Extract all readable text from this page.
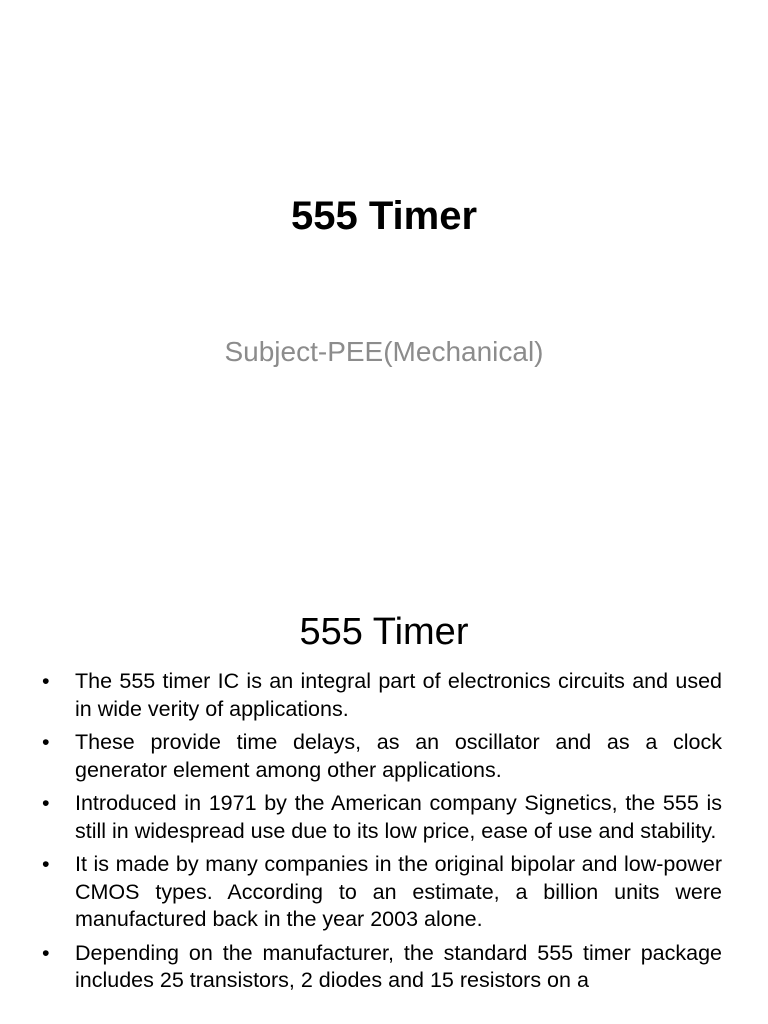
555 Timer

Subject-PEE(Mechanical)

555 Timer
• The 555 timer IC is an integral part of electronics circuits and used in wide verity of applications.
• These provide time delays, as an oscillator and as a clock generator element among other applications.
• Introduced in 1971 by the American company Signetics, the 555 is still in widespread use due to its low price, ease of use and stability.
• It is made by many companies in the original bipolar and low-power CMOS types. According to an estimate, a billion units were manufactured back in the year 2003 alone.
• Depending on the manufacturer, the standard 555 timer package includes 25 transistors, 2 diodes and 15 resistors on a
